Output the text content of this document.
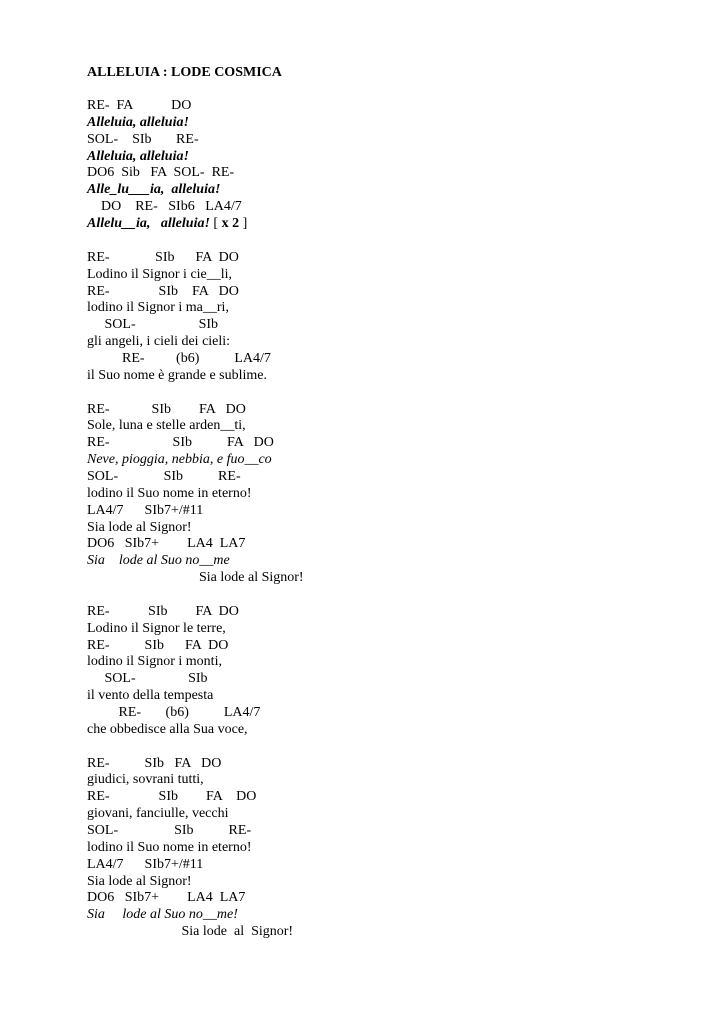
ALLELUIA : LODE COSMICA
RE-  FA           DO
Alleluia, alleluia!
SOL-    SIb       RE-
Alleluia, alleluia!
DO6  Sib   FA  SOL-  RE-
Alle_lu___ia,  alleluia!
DO    RE-   SIb6   LA4/7
Allelu__ia,   alleluia! [ x 2 ]
RE-             SIb      FA  DO
Lodino il Signor i cie__li,
RE-              SIb    FA   DO
lodino il Signor i ma__ri,
SOL-                  SIb
gli angeli, i cieli dei cieli:
RE-         (b6)          LA4/7
il Suo nome è grande e sublime.
RE-            SIb        FA   DO
Sole, luna e stelle arden__ti,
RE-                  SIb          FA   DO
Neve, pioggia, nebbia, e fuo__co
SOL-             SIb          RE-
lodino il Suo nome in eterno!
LA4/7      SIb7+/#11
Sia lode al Signor!
DO6   SIb7+        LA4  LA7
Sia    lode al Suo no__me
Sia lode al Signor!
RE-           SIb        FA  DO
Lodino il Signor le terre,
RE-          SIb      FA  DO
lodino il Signor i monti,
SOL-               SIb
il vento della tempesta
RE-       (b6)          LA4/7
che obbedisce alla Sua voce,
RE-          SIb   FA   DO
giudici, sovrani tutti,
RE-              SIb        FA    DO
giovani, fanciulle, vecchi
SOL-                SIb          RE-
lodino il Suo nome in eterno!
LA4/7      SIb7+/#11
Sia lode al Signor!
DO6   SIb7+        LA4  LA7
Sia     lode al Suo no__me!
Sia lode  al  Signor!
